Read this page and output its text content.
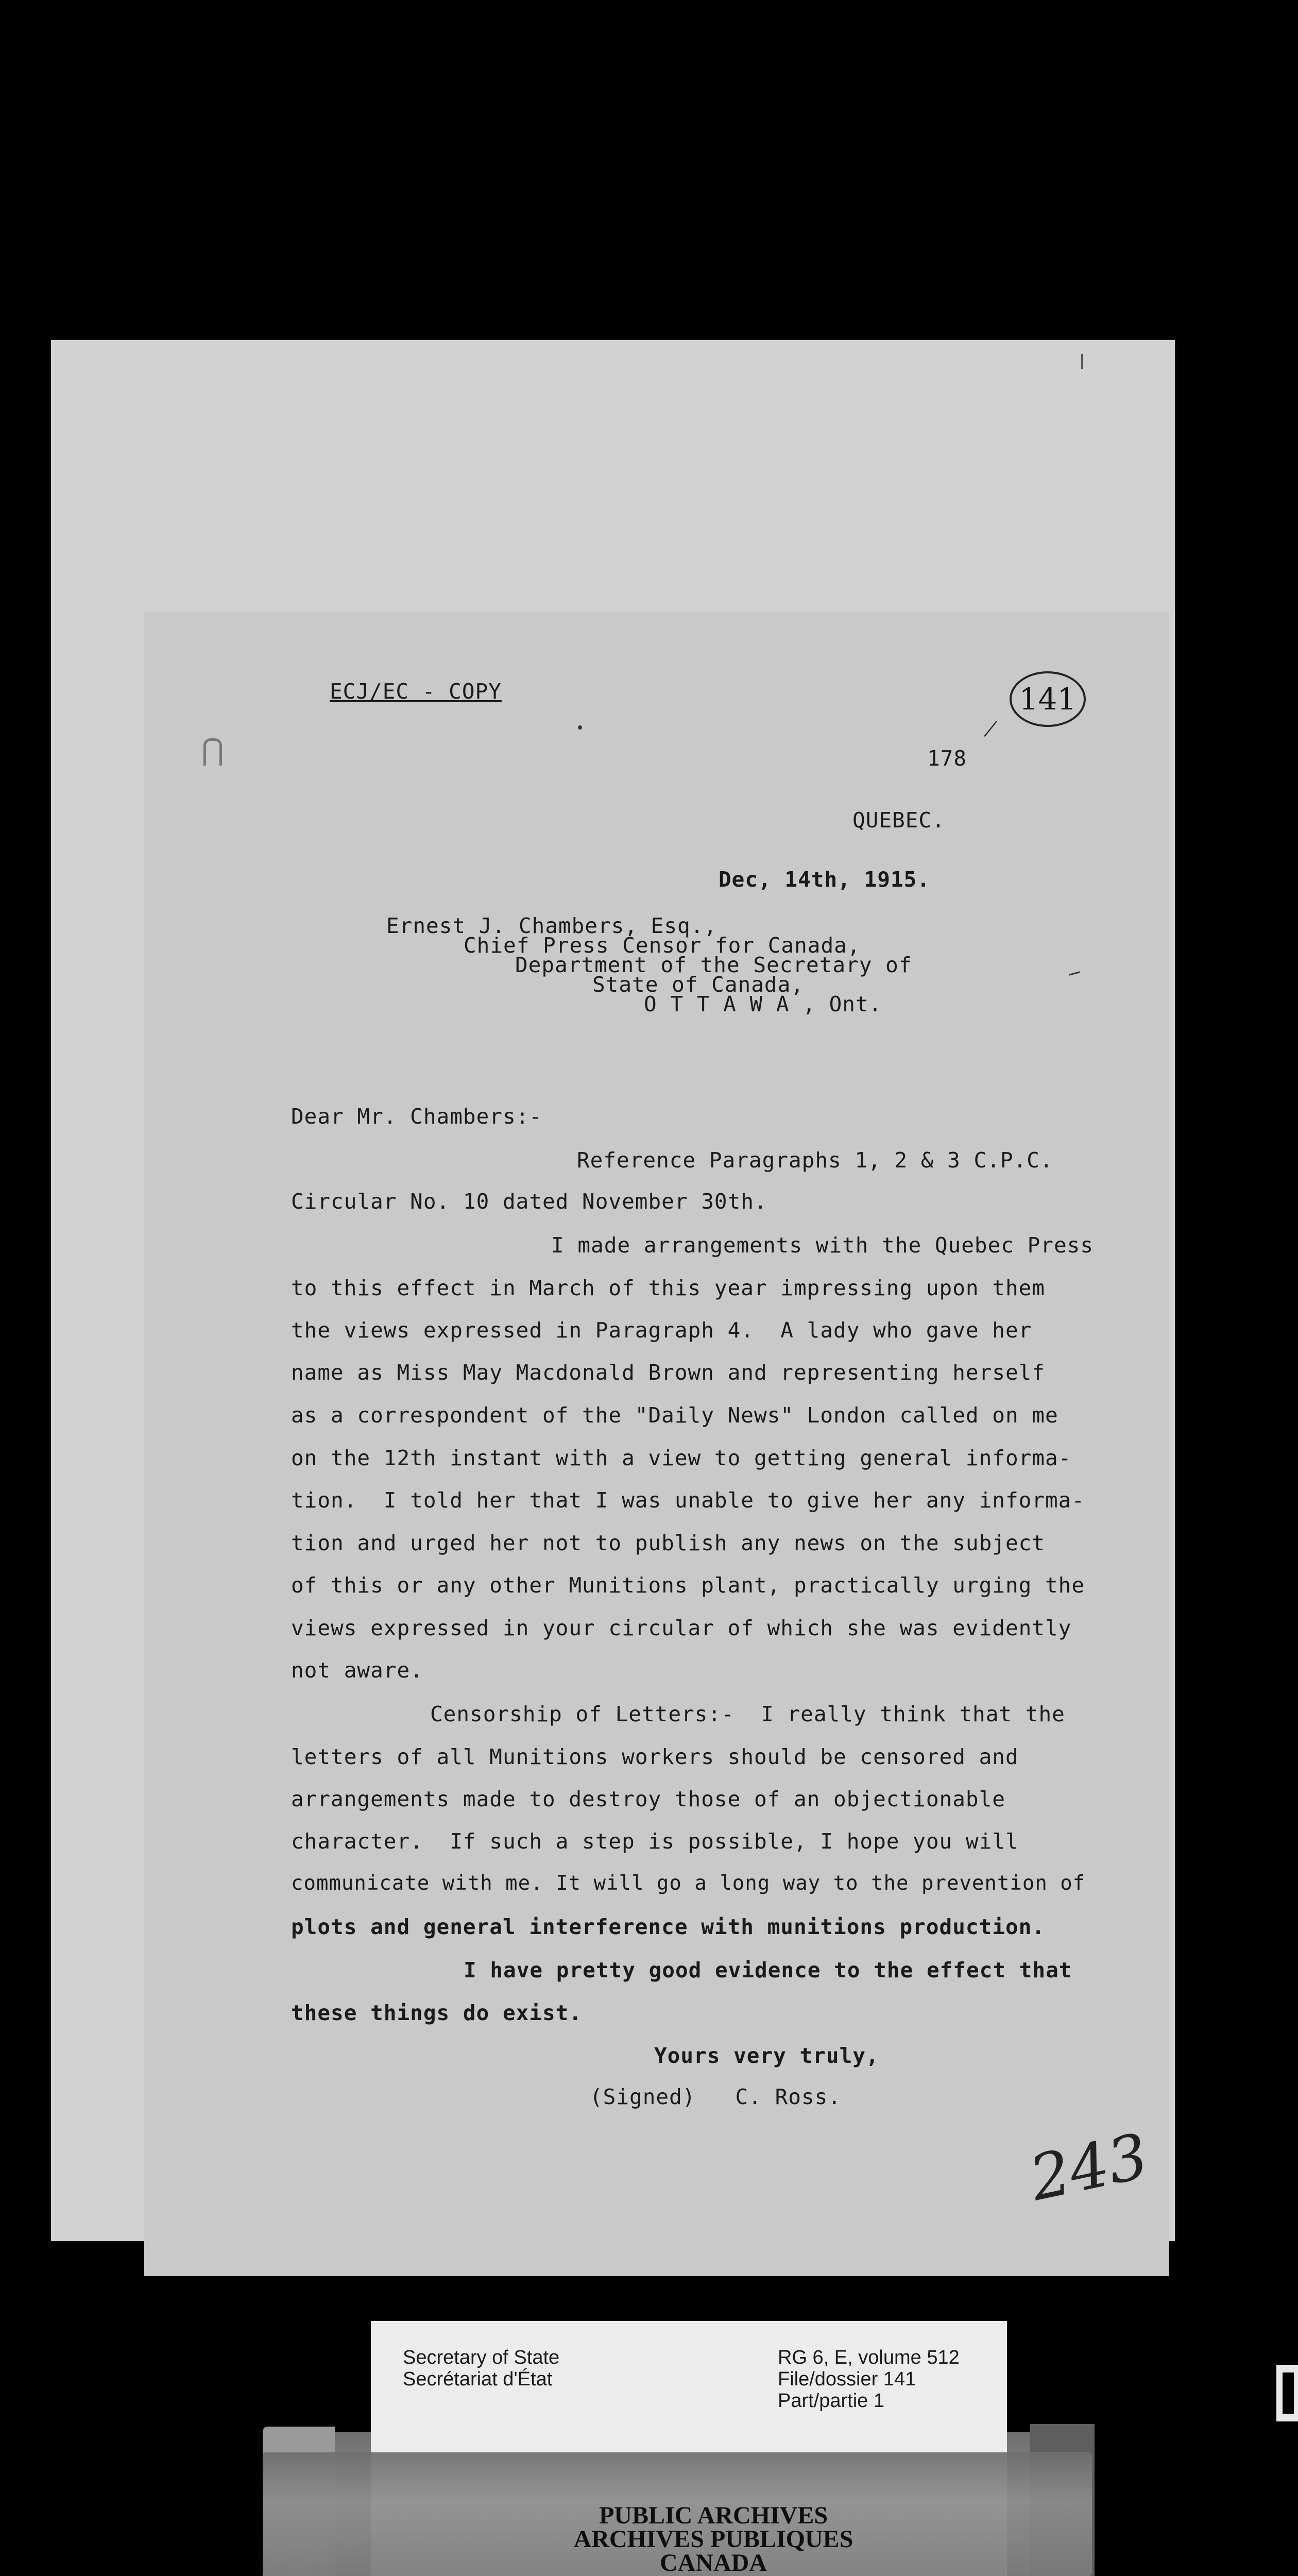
ǀ
ECJ/EC - COPY	141
⁄
178
QUEBEC.
Dec, 14th, 1915.
Ernest J. Chambers, Esq.,
Chief Press Censor for Canada,
Department of the Secretary of
State of Canada,
O T T A W A , Ont.
Dear Mr. Chambers:-
Reference Paragraphs 1, 2 & 3 C.P.C.
Circular No. 10 dated November 30th.
I made arrangements with the Quebec Press
to this effect in March of this year impressing upon them
the views expressed in Paragraph 4.  A lady who gave her
name as Miss May Macdonald Brown and representing herself
as a correspondent of the "Daily News" London called on me
on the 12th instant with a view to getting general informa-
tion.  I told her that I was unable to give her any informa-
tion and urged her not to publish any news on the subject
of this or any other Munitions plant, practically urging the
views expressed in your circular of which she was evidently
not aware.
Censorship of Letters:-  I really think that the
letters of all Munitions workers should be censored and
arrangements made to destroy those of an objectionable
character.  If such a step is possible, I hope you will
communicate with me. It will go a long way to the prevention of
plots and general interference with munitions production.
I have pretty good evidence to the effect that
these things do exist.
Yours very truly,
(Signed)   C. Ross.
243
Secretary of State
Secrétariat d'État
RG 6, E, volume 512
File/dossier 141
Part/partie 1
PUBLIC ARCHIVES
ARCHIVES PUBLIQUES
CANADA
